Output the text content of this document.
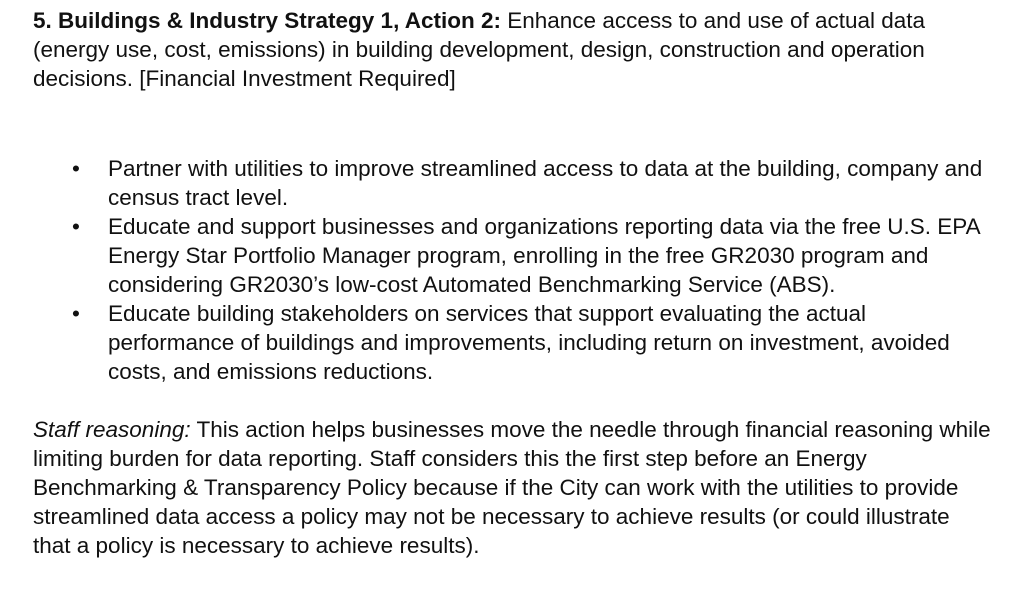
5. Buildings & Industry Strategy 1, Action 2: Enhance access to and use of actual data (energy use, cost, emissions) in building development, design, construction and operation decisions. [Financial Investment Required]

• Partner with utilities to improve streamlined access to data at the building, company and census tract level.
• Educate and support businesses and organizations reporting data via the free U.S. EPA Energy Star Portfolio Manager program, enrolling in the free GR2030 program and considering GR2030’s low-cost Automated Benchmarking Service (ABS).
• Educate building stakeholders on services that support evaluating the actual performance of buildings and improvements, including return on investment, avoided costs, and emissions reductions.

Staff reasoning: This action helps businesses move the needle through financial reasoning while limiting burden for data reporting. Staff considers this the first step before an Energy Benchmarking & Transparency Policy because if the City can work with the utilities to provide streamlined data access a policy may not be necessary to achieve results (or could illustrate that a policy is necessary to achieve results).
